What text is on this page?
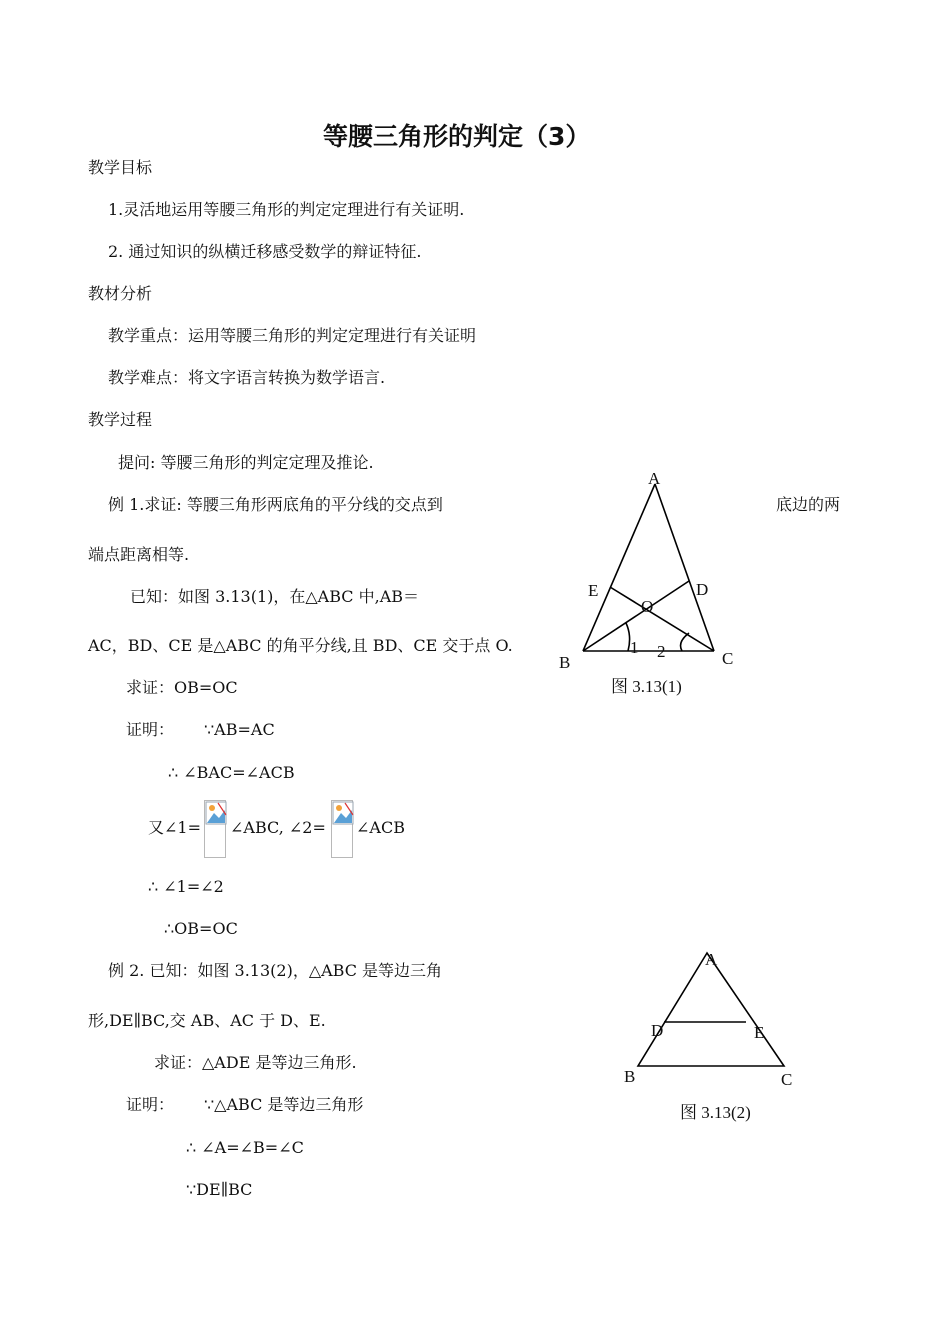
等腰三角形的判定（3）
教学目标
1.灵活地运用等腰三角形的判定定理进行有关证明.
2. 通过知识的纵横迁移感受数学的辩证特征.
教材分析
教学重点：运用等腰三角形的判定定理进行有关证明
教学难点：将文字语言转换为数学语言.
教学过程
提问: 等腰三角形的判定定理及推论.
例 1.求证: 等腰三角形两底角的平分线的交点到	底边的两
端点距离相等.
已知：如图 3.13(1)，在△ABC 中,AB＝
AC，BD、CE 是△ABC 的角平分线,且 BD、CE 交于点 O.
求证：OB=OC
证明： ∵AB=AC
∴ ∠BAC=∠ACB
又∠1= ∠ABC, ∠2= ∠ACB
∴ ∠1=∠2
∴OB=OC
A
E	D
O
1 2
B	C
图 3.13(1)
例 2. 已知：如图 3.13(2)，△ABC 是等边三角
形,DE∥BC,交 AB、AC 于 D、E.
求证：△ADE 是等边三角形.
证明： ∵△ABC 是等边三角形
∴ ∠A=∠B=∠C
∵DE∥BC
A
D	E
B	C
图 3.13(2)
